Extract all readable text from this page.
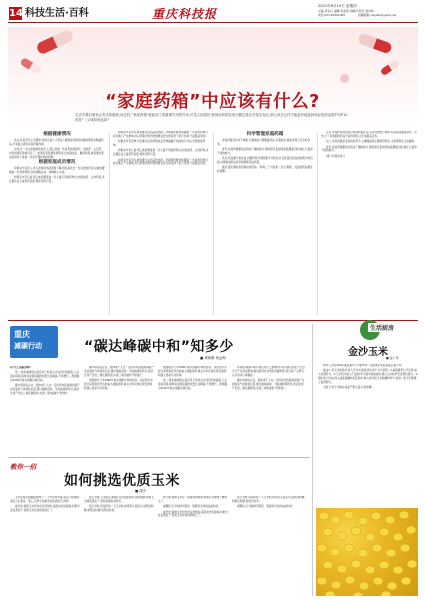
14 科技生活·百科	重庆科技报
2021年6月10日 星期四
主编:邓发兴 编辑:张迎新 刘晓洋 版式:刘中鸣
电话:023-63301000	投稿邮箱:cqkjbao@yeah.net
“家庭药箱”中应该有什么?
生活中我们难免会有头疼脑热,而这时,“家庭药箱"就起到了很重要作用的作用,可是,目前我们家庭用药的存放问题还是存在很多误区,那么该怎么样才能更好地选择和存放药品呢?TOP10药品"《又该如何选择?
根据健康情况

其实,并没有什么所谓的"家庭必备十大药品",根据家庭情况的健康情况来储备药品,才是最合适的家庭药箱选择。

比如,有一家全是健康的成年人,那么准备一些常见的感冒药、退烧药、止泻药、外用消毒药等就可以了。如果家里有慢性病患者,比如高血压、糖尿病等,就需要在医生的指导下常备一些治疗慢性病的药物。

根据家庭成员情况

如果家中有老人,老人的身体机能逐渐下降,很容易发生一些突发的状况,这就需要储备一些急救药物,比如硝酸甘油、速效救心丸等。

如果家中有儿童,那么就需要准备一些儿童专用的药物,比如退烧药、止咳药等,并且要注意儿童用药剂量,避免用药过量。

如果家中有孕妇,就需要注意药品的选择。孕期用药要非常谨慎,一些常用药物可能对胎儿产生影响,所以药箱中的药物需要在医生的指导下进行选择,不能随意用药。

如果家中有宠物,还需要注意把药箱放在宠物接触不到的地方,防止宠物误食药物。

如果家中有儿童,那么就需要准备一些儿童专用的药物,比如退烧药、止咳药等,并且要注意儿童用药剂量,避免用药过量。

如果家中有孕妇,就需要注意药品的选择。孕期用药要非常谨慎,一些常用药物可能对胎儿产生影响,所以药箱中的药物需要在医生的指导下进行选择,不能随意用药。

科学管理家庭药箱

家庭药箱其实并不神秘,只要做到合理储备药品,定期检查,就能发挥它应有的作用。

首先,家庭药箱要放在阴凉干燥的地方,避免阳光直射和高温潮湿,同时放在儿童拿不到的地方。

其次,药品要分类存放,内服药和外用药要分开存放,并且保留好药品的说明书和包装,以便查看药品的有效期和用法用量。

最后,要定期检查药箱中的药品,一般每三个月检查一次,过期的、变质的药品要及时清理。

还有,中成药和西药联合使用时要注意,有些药物成分相同,容易造成重复用药。另外,过了有效期的药品不能再使用,也不能随意丢弃。

总之,家庭药箱是家庭的好帮手,合理储备和正确使用药品,才能保障家人的健康。

首先,家庭药箱要放在阴凉干燥的地方,避免阳光直射和高温潮湿,同时放在儿童拿不到的地方。

(据《科普时报》)

重庆
减碳行动	“碳达峰碳中和”知多少
■ 黄晓琳 杨远梅

问:什么是碳达峰?

答:二氧化碳排放总量在某个时间点达到历史最高值,之后逐步回落,简单来说就是碳排放量达到峰值,不再增长。我国提出2030年前实现碳达峰目标。

碳中和是指企业、团体或个人在一定时间内直接或间接产生的温室气体排放总量,通过植树造林、节能减排等形式,抵消自身产生的二氧化碳排放,实现二氧化碳的"零排放"。

碳中和是指企业、团体或个人在一定时间内直接或间接产生的温室气体排放总量,通过植树造林、节能减排等形式,抵消自身产生的二氧化碳排放,实现二氧化碳的"零排放"。

我国提出力争2060年前实现碳中和的目标。这是党中央经过深思熟虑作出的重大战略决策,事关中华民族永续发展和构建人类命运共同体。

我国提出力争2060年前实现碳中和的目标。这是党中央经过深思熟虑作出的重大战略决策,事关中华民族永续发展和构建人类命运共同体。

答:二氧化碳排放总量在某个时间点达到历史最高值,之后逐步回落,简单来说就是碳排放量达到峰值,不再增长。我国提出2030年前实现碳达峰目标。

问:碳达峰碳中和对我们有什么影响?答:将对我们的生产生活方式产生深远影响,推动经济社会绿色低碳转型,我们每个人都可以从身边小事做起。

碳中和是指企业、团体或个人在一定时间内直接或间接产生的温室气体排放总量,通过植树造林、节能减排等形式,抵消自身产生的二氧化碳排放,实现二氧化碳的"零排放"。

教你一招
如何挑选优质玉米
■ 谭杰

玉米是常见的粗粮食物之一,不光营养丰富,而且口感香甜,深受人们喜爱。那么,怎样才能挑选到优质的玉米呢?

看外皮:新鲜玉米的外皮呈翠绿色,摸起来比较湿润;如果外皮发黄发干,说明玉米存放时间较长了。

看玉米须:玉米须呈浅褐色且比较湿润的,说明新鲜;如果玉米须变黑变干,说明采摘时间较长。

掐玉米粒:用指甲掐一下玉米粒,如果有汁液流出,说明比较嫩;如果比较硬,说明比较老。

闻气味:新鲜玉米有一股清香的味道,如果有异味就不要购买了。

看颗粒:玉米粒排列紧密、饱满有光泽的品质较好。

看外皮:新鲜玉米的外皮呈翠绿色,摸起来比较湿润;如果外皮发黄发干,说明玉米存放时间较长了。

掐玉米粒:用指甲掐一下玉米粒,如果有汁液流出,说明比较嫩;如果比较硬,说明比较老。

看颗粒:玉米粒排列紧密、饱满有光泽的品质较好。

生活厨房
金沙玉米
■ 姜广军

材料:玉米粒200g,咸蛋黄3个,料酒3ml,干淀粉5g,色拉油适量,盐少许。

做法:1.将玉米粒洗净,放入开水中煮熟,捞出沥干水分备用。2.咸蛋黄用勺子压碎,加入料酒拌匀。3.玉米粒中加入干淀粉拌匀,锅中放油烧热,倒入玉米粒炸至金黄色捞出。4.锅中留少许油,放入咸蛋黄翻炒至起泡沫,倒入炸好的玉米粒翻炒均匀,使每一粒玉米都裹上蛋黄即可。

小贴士:炸玉米粒时油温不要太高,以免炸糊。
